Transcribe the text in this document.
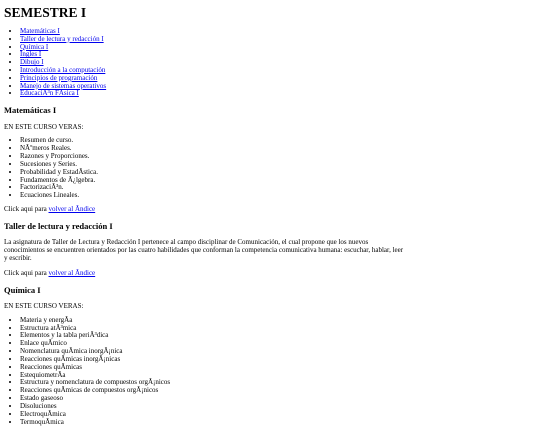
SEMESTRE I
• Matemáticas I
• Taller de lectura y redacción I
• Química I
• Ingles I
• Dibujo I
• Introducción a la computación
• Principios de programación
• Manejo de sistemas operativos
• EducaciÃ³n FÃsica I
Matemáticas I

EN ESTE CURSO VERAS:

• Resumen de curso.
• NÃºmeros Reales.
• Razones y Proporciones.
• Sucesiones y Series.
• Probabilidad y EstadÃstica.
• Fundamentos de Ã¿lgebra.
• FactorizaciÃ³n.
• Ecuaciones Lineales.

Click aqui para volver al Ãndice

Taller de lectura y redacción I

La asignatura de Taller de Lectura y Redacción I pertenece al campo disciplinar de Comunicación, el cual propone que los nuevos conocimientos se encuentren orientados por las cuatro habilidades que conforman la competencia comunicativa humana: escuchar, hablar, leer y escribir.

Click aqui para volver al Ãndice

Química I

EN ESTE CURSO VERAS:

• Materia y energÃa
• Estructura atÃ³mica
• Elementos y la tabla periÃ³dica
• Enlace quÃmico
• Nomenclatura quÃmica inorgÃ¡nica
• Reacciones quÃmicas inorgÃ¡nicas
• Reacciones quÃmicas
• EstequiometrÃa
• Estructura y nomenclatura de compuestos orgÃ¡nicos
• Reacciones quÃmicas de compuestos orgÃ¡nicos
• Estado gaseoso
• Disoluciones
• ElectroquÃmica
• TermoquÃmica
